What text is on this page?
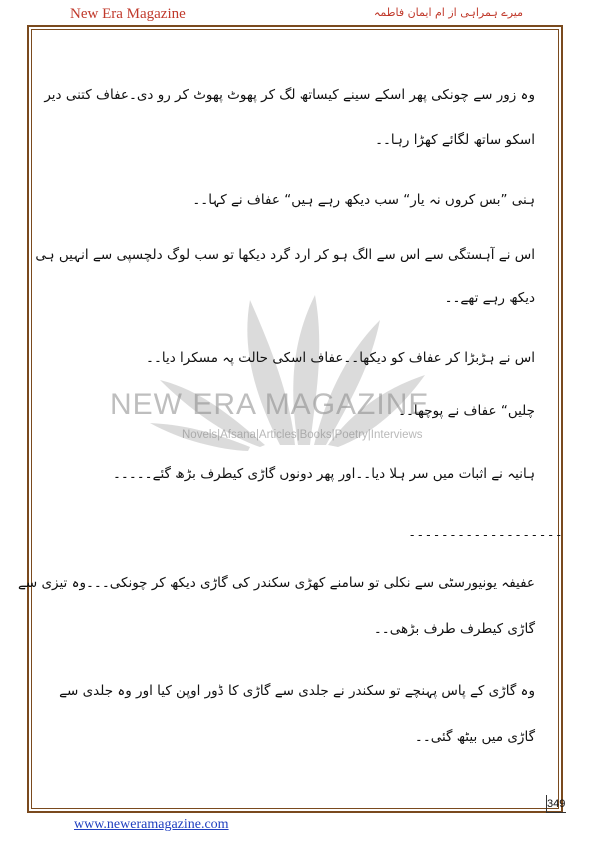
New Era Magazine	میرے ہمراہی از ام ایمان فاطمہ
NEW ERA MAGAZINE
Novels|Afsana|Articles|Books|Poetry|Interviews
وہ زور سے چونکی پھر اسکے سینے کیساتھ لگ کر پھوٹ پھوٹ کر رو دی۔عفاف کتنی دیر
اسکو ساتھ لگائے کھڑا رہا۔۔
ہنی ”بس کروں نہ یار“ سب دیکھ رہے ہیں“ عفاف نے کہا۔۔
اس نے آہستگی سے اس سے الگ ہو کر ارد گرد دیکھا تو سب لوگ دلچسپی سے انہیں ہی
دیکھ رہے تھے۔۔
اس نے ہڑبڑا کر عفاف کو دیکھا۔۔عفاف اسکی حالت پہ مسکرا دیا۔۔
چلیں“ عفاف نے پوچھا۔۔
ہانیہ نے اثبات میں سر ہلا دیا۔۔اور پھر دونوں گاڑی کیطرف بڑھ گئے۔۔۔۔۔
عفیفہ یونیورسٹی سے نکلی تو سامنے کھڑی سکندر کی گاڑی دیکھ کر چونکی۔۔۔وہ تیزی سے
گاڑی کیطرف طرف بڑھی۔۔
وہ گاڑی کے پاس پہنچے تو سکندر نے جلدی سے گاڑی کا ڈور اوپن کیا اور وہ جلدی سے
گاڑی میں بیٹھ گئی۔۔
- - - - - - - - - - - - - - - - - - -
349
www.neweramagazine.com
